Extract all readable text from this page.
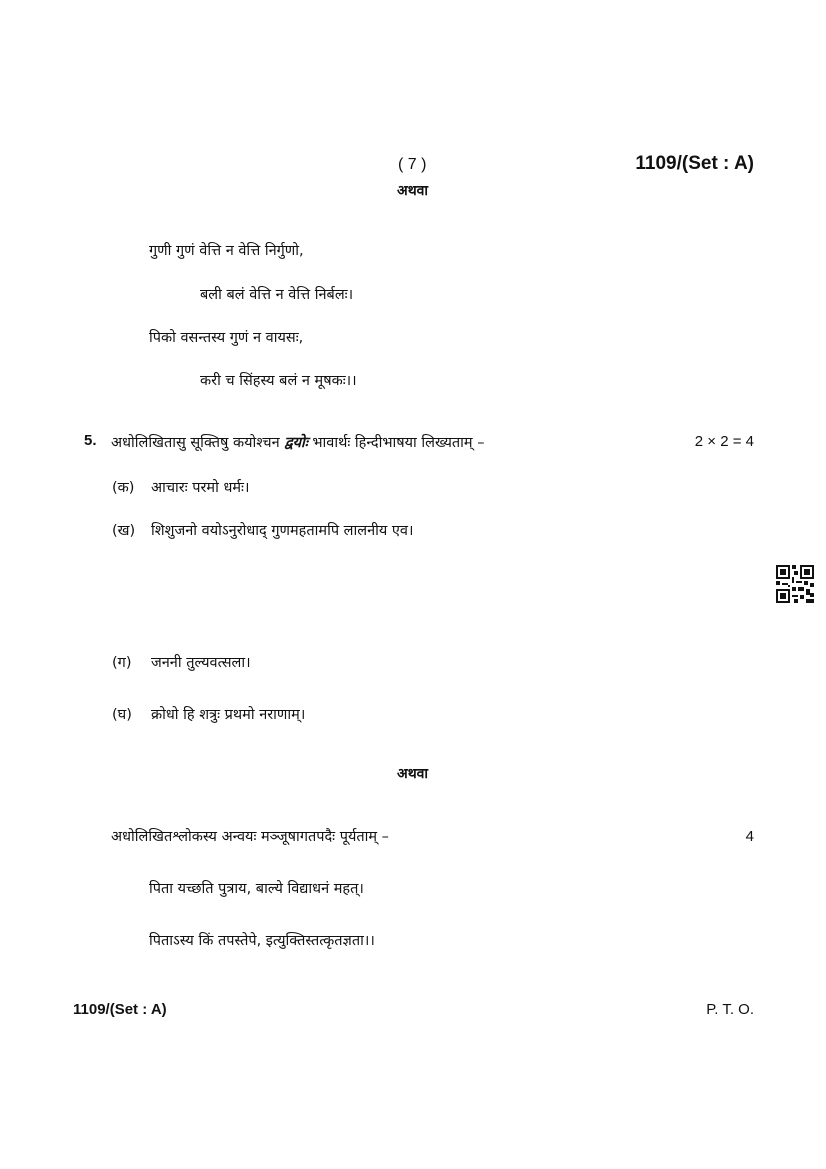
( 7 )	1109/(Set : A)
अथवा
गुणी गुणं वेत्ति न वेत्ति निर्गुणो,
बली बलं वेत्ति न वेत्ति निर्बलः।
पिको वसन्तस्य गुणं न वायसः,
करी च सिंहस्य बलं न मूषकः।।
5. अधोलिखितासु सूक्तिषु कयोश्चन द्वयोः भावार्थः हिन्दीभाषया लिख्यताम् –	2 × 2 = 4
(क) आचारः परमो धर्मः।
(ख) शिशुजनो वयोऽनुरोधाद् गुणमहतामपि लालनीय एव।
(ग) जननी तुल्यवत्सला।
(घ) क्रोधो हि शत्रुः प्रथमो नराणाम्।
अथवा
अधोलिखितश्लोकस्य अन्वयः मञ्जूषागतपदैः पूर्यताम् –	4
पिता यच्छति पुत्राय, बाल्ये विद्याधनं महत्।
पिताऽस्य किं तपस्तेपे, इत्युक्तिस्तत्कृतज्ञता।।
1109/(Set : A)	P. T. O.
